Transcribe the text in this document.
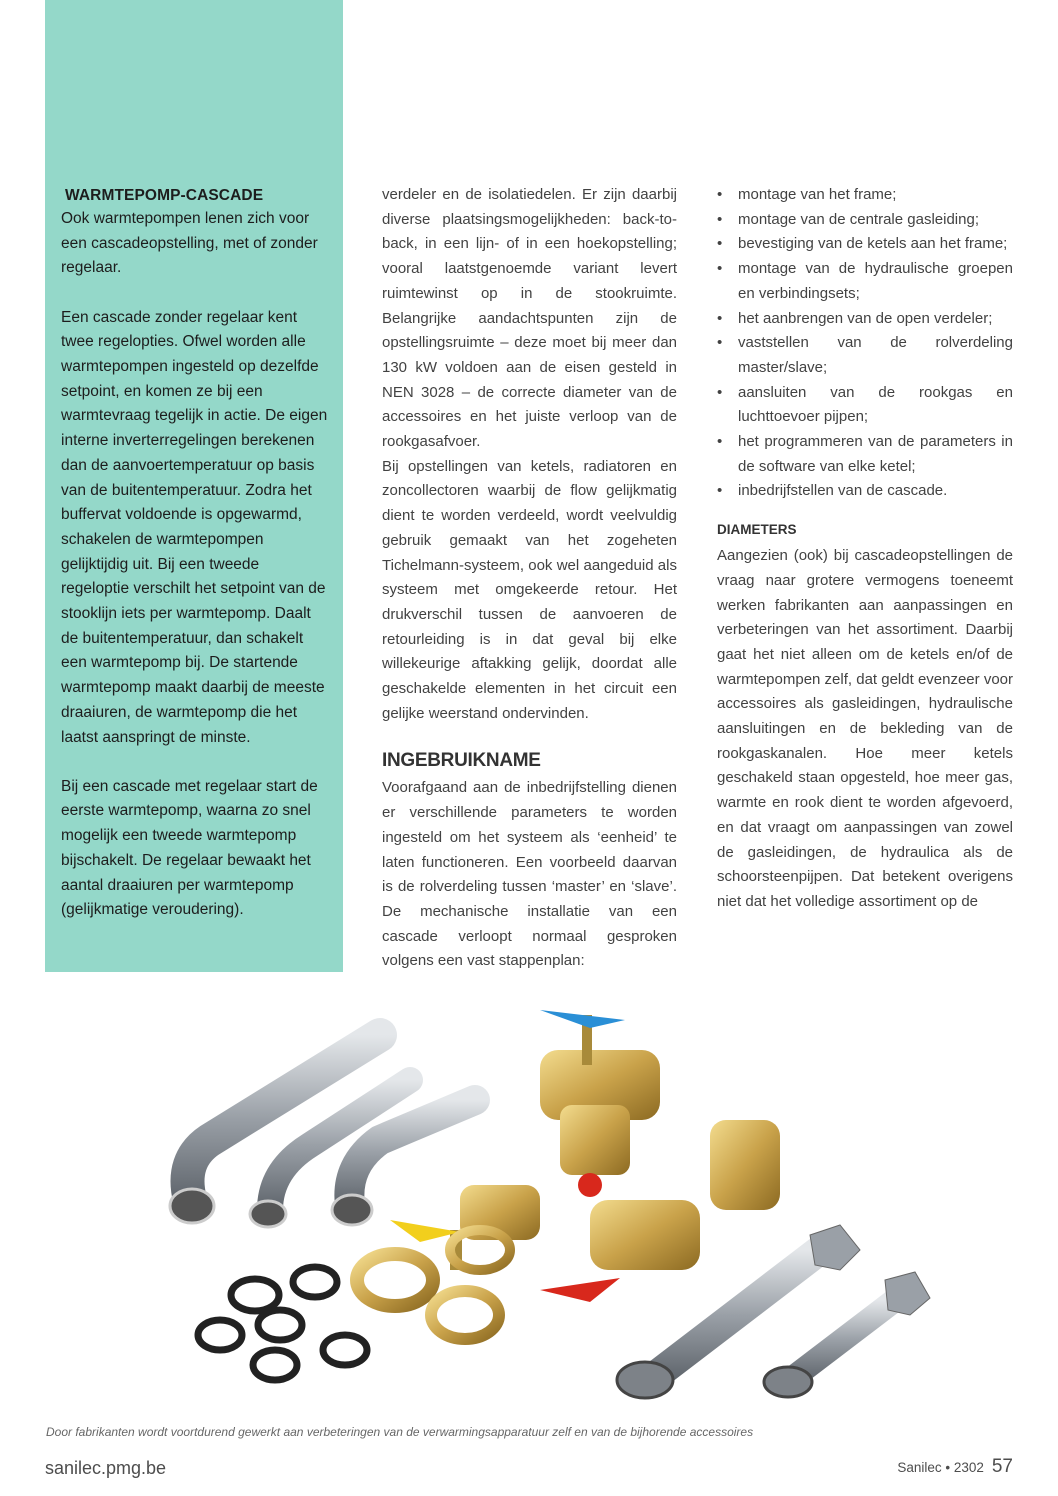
WARMTEPOMP-CASCADE

Ook warmtepompen lenen zich voor een cascadeopstelling, met of zonder regelaar.

Een cascade zonder regelaar kent twee regelopties. Ofwel worden alle warmtepompen ingesteld op dezelfde setpoint, en komen ze bij een warmtevraag tegelijk in actie. De eigen interne inverterregelingen berekenen dan de aanvoertemperatuur op basis van de buitentemperatuur. Zodra het buffervat voldoende is opgewarmd, schakelen de warmtepompen gelijktijdig uit. Bij een tweede regeloptie verschilt het setpoint van de stooklijn iets per warmtepomp. Daalt de buitentemperatuur, dan schakelt een warmtepomp bij. De startende warmtepomp maakt daarbij de meeste draaiuren, de warmtepomp die het laatst aanspringt de minste.

Bij een cascade met regelaar start de eerste warmtepomp, waarna zo snel mogelijk een tweede warmtepomp bijschakelt. De regelaar bewaakt het aantal draaiuren per warmtepomp (gelijkmatige veroudering).

verdeler en de isolatiedelen. Er zijn daarbij diverse plaatsingsmogelijkheden: back-to-back, in een lijn- of in een hoekopstelling; vooral laatstgenoemde variant levert ruimtewinst op in de stookruimte. Belangrijke aandachtspunten zijn de opstellingsruimte – deze moet bij meer dan 130 kW voldoen aan de eisen gesteld in NEN 3028 – de correcte diameter van de accessoires en het juiste verloop van de rookgasafvoer.

Bij opstellingen van ketels, radiatoren en zoncollectoren waarbij de flow gelijkmatig dient te worden verdeeld, wordt veelvuldig gebruik gemaakt van het zogeheten Tichelmann-systeem, ook wel aangeduid als systeem met omgekeerde retour. Het drukverschil tussen de aanvoeren de retourleiding is in dat geval bij elke willekeurige aftakking gelijk, doordat alle geschakelde elementen in het circuit een gelijke weerstand ondervinden.

INGEBRUIKNAME

Voorafgaand aan de inbedrijfstelling dienen er verschillende parameters te worden ingesteld om het systeem als ‘eenheid’ te laten functioneren. Een voorbeeld daarvan is de rolverdeling tussen ‘master’ en ‘slave’. De mechanische installatie van een cascade verloopt normaal gesproken volgens een vast stappenplan:

• montage van het frame;
• montage van de centrale gasleiding;
• bevestiging van de ketels aan het frame;
• montage van de hydraulische groepen en verbindingsets;
• het aanbrengen van de open verdeler;
• vaststellen van de rolverdeling master/slave;
• aansluiten van de rookgas en luchttoevoer pijpen;
• het programmeren van de parameters in de software van elke ketel;
• inbedrijfstellen van de cascade.
DIAMETERS

Aangezien (ook) bij cascadeopstellingen de vraag naar grotere vermogens toeneemt werken fabrikanten aan aanpassingen en verbeteringen van het assortiment. Daarbij gaat het niet alleen om de ketels en/of de warmtepompen zelf, dat geldt evenzeer voor accessoires als gasleidingen, hydraulische aansluitingen en de bekleding van de rookgaskanalen. Hoe meer ketels geschakeld staan opgesteld, hoe meer gas, warmte en rook dient te worden afgevoerd, en dat vraagt om aanpassingen van zowel de gasleidingen, de hydraulica als de schoorsteenpijpen. Dat betekent overigens niet dat het volledige assortiment op de

Door fabrikanten wordt voortdurend gewerkt aan verbeteringen van de verwarmingsapparatuur zelf en van de bijhorende accessoires
sanilec.pmg.be	Sanilec • 2302 57
